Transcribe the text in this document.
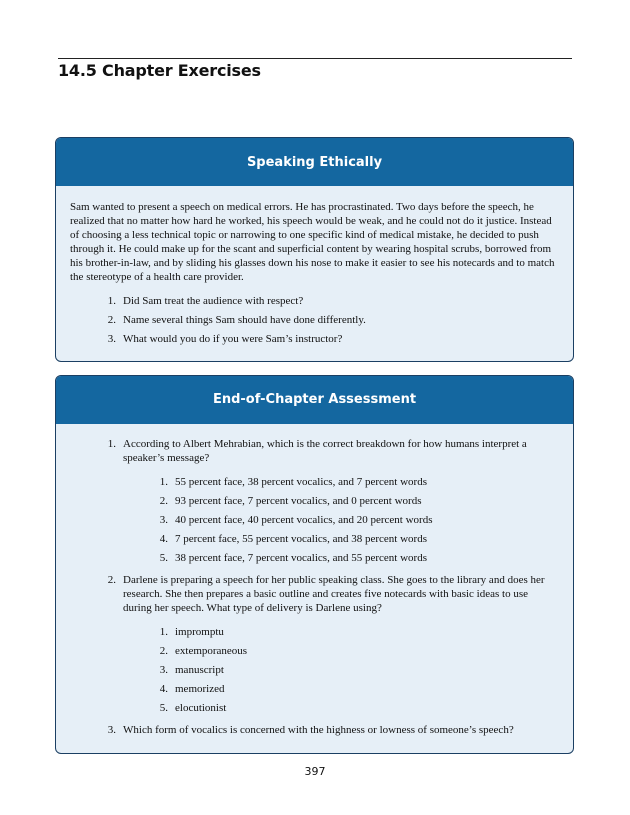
14.5 Chapter Exercises
Speaking Ethically

Sam wanted to present a speech on medical errors. He has procrastinated. Two days before the speech, he realized that no matter how hard he worked, his speech would be weak, and he could not do it justice. Instead of choosing a less technical topic or narrowing to one specific kind of medical mistake, he decided to push through it. He could make up for the scant and superficial content by wearing hospital scrubs, borrowed from his brother-in-law, and by sliding his glasses down his nose to make it easier to see his notecards and to match the stereotype of a health care provider.

1. Did Sam treat the audience with respect?
2. Name several things Sam should have done differently.
3. What would you do if you were Sam’s instructor?
End-of-Chapter Assessment
1. According to Albert Mehrabian, which is the correct breakdown for how humans interpret a speaker’s message?
1. 55 percent face, 38 percent vocalics, and 7 percent words
2. 93 percent face, 7 percent vocalics, and 0 percent words
3. 40 percent face, 40 percent vocalics, and 20 percent words
4. 7 percent face, 55 percent vocalics, and 38 percent words
5. 38 percent face, 7 percent vocalics, and 55 percent words
2. Darlene is preparing a speech for her public speaking class. She goes to the library and does her research. She then prepares a basic outline and creates five notecards with basic ideas to use during her speech. What type of delivery is Darlene using?
1. impromptu
2. extemporaneous
3. manuscript
4. memorized
5. elocutionist
3. Which form of vocalics is concerned with the highness or lowness of someone’s speech?
397
